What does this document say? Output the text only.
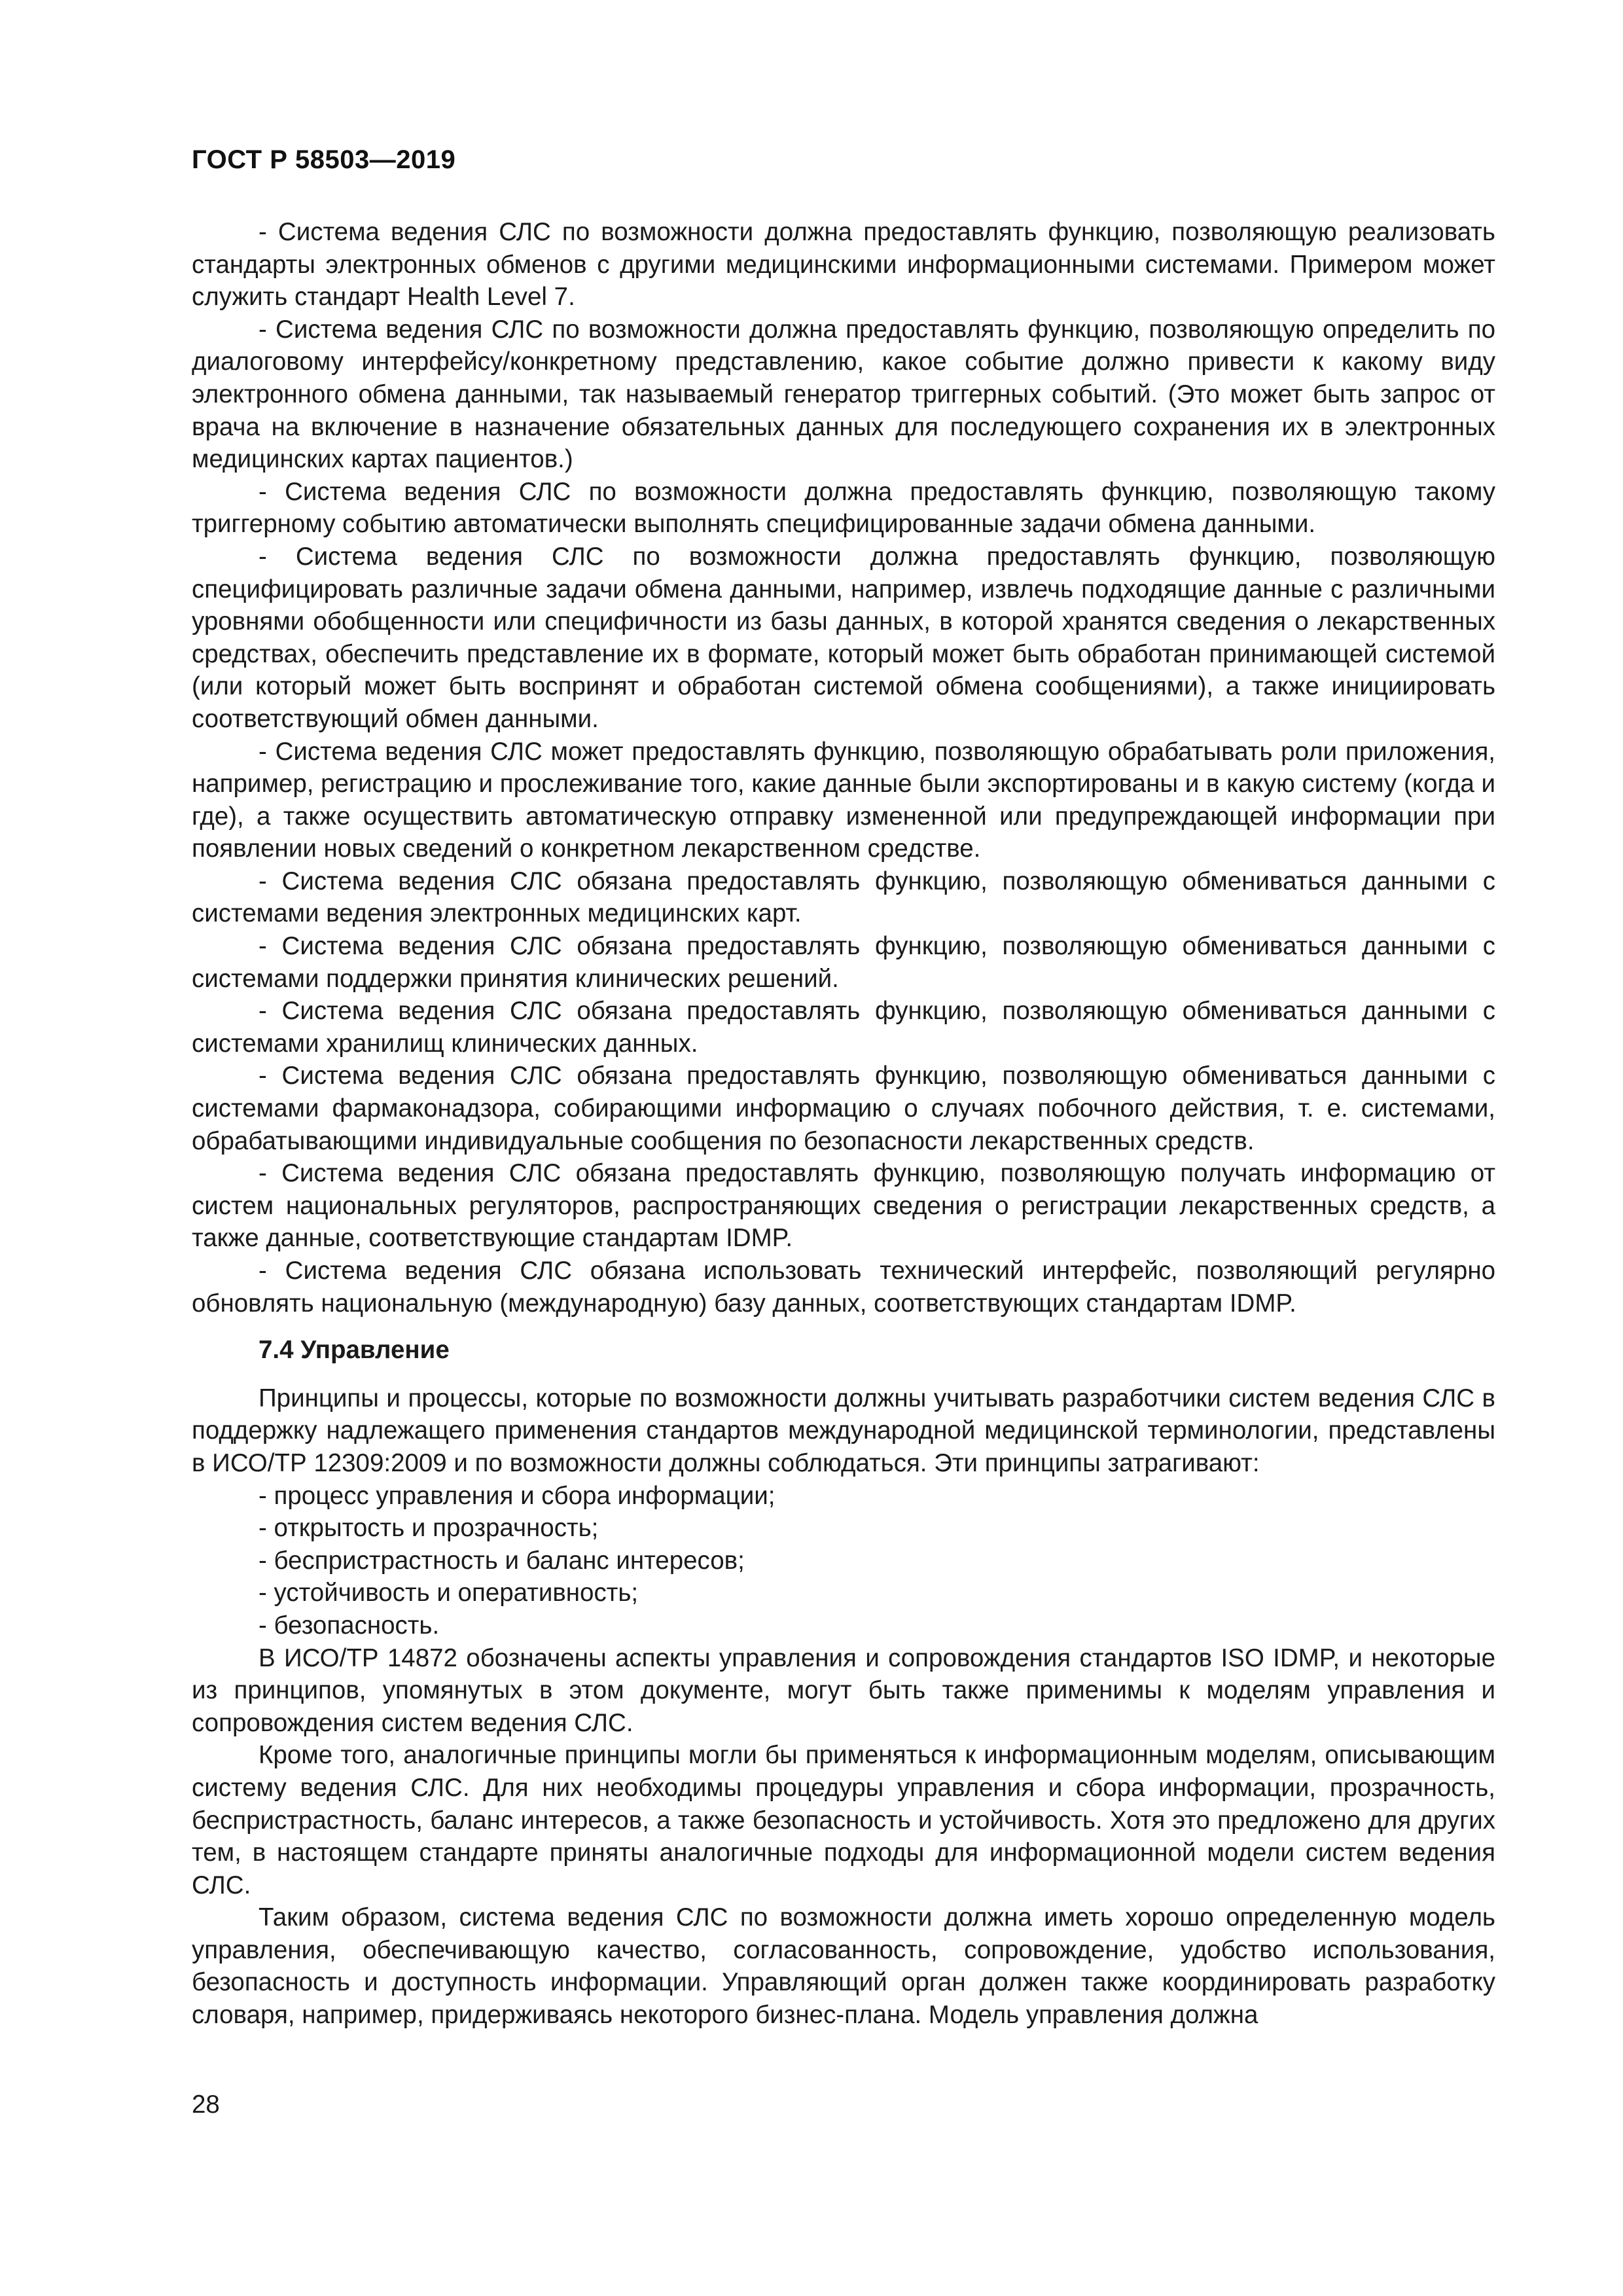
ГОСТ Р 58503—2019

- Система ведения СЛС по возможности должна предоставлять функцию, позволяющую реализовать стандарты электронных обменов с другими медицинскими информационными системами. Примером может служить стандарт Health Level 7.

- Система ведения СЛС по возможности должна предоставлять функцию, позволяющую определить по диалоговому интерфейсу/конкретному представлению, какое событие должно привести к какому виду электронного обмена данными, так называемый генератор триггерных событий. (Это может быть запрос от врача на включение в назначение обязательных данных для последующего сохранения их в электронных медицинских картах пациентов.)

- Система ведения СЛС по возможности должна предоставлять функцию, позволяющую такому триггерному событию автоматически выполнять специфицированные задачи обмена данными.

- Система ведения СЛС по возможности должна предоставлять функцию, позволяющую специфицировать различные задачи обмена данными, например, извлечь подходящие данные с различными уровнями обобщенности или специфичности из базы данных, в которой хранятся сведения о лекарственных средствах, обеспечить представление их в формате, который может быть обработан принимающей системой (или который может быть воспринят и обработан системой обмена сообщениями), а также инициировать соответствующий обмен данными.

- Система ведения СЛС может предоставлять функцию, позволяющую обрабатывать роли приложения, например, регистрацию и прослеживание того, какие данные были экспортированы и в какую систему (когда и где), а также осуществить автоматическую отправку измененной или предупреждающей информации при появлении новых сведений о конкретном лекарственном средстве.

- Система ведения СЛС обязана предоставлять функцию, позволяющую обмениваться данными с системами ведения электронных медицинских карт.

- Система ведения СЛС обязана предоставлять функцию, позволяющую обмениваться данными с системами поддержки принятия клинических решений.

- Система ведения СЛС обязана предоставлять функцию, позволяющую обмениваться данными с системами хранилищ клинических данных.

- Система ведения СЛС обязана предоставлять функцию, позволяющую обмениваться данными с системами фармаконадзора, собирающими информацию о случаях побочного действия, т. е. системами, обрабатывающими индивидуальные сообщения по безопасности лекарственных средств.

- Система ведения СЛС обязана предоставлять функцию, позволяющую получать информацию от систем национальных регуляторов, распространяющих сведения о регистрации лекарственных средств, а также данные, соответствующие стандартам IDMP.

- Система ведения СЛС обязана использовать технический интерфейс, позволяющий регулярно обновлять национальную (международную) базу данных, соответствующих стандартам IDMP.

7.4 Управление

Принципы и процессы, которые по возможности должны учитывать разработчики систем ведения СЛС в поддержку надлежащего применения стандартов международной медицинской терминологии, представлены в ИСО/ТР 12309:2009 и по возможности должны соблюдаться. Эти принципы затрагивают:

- процесс управления и сбора информации;
- открытость и прозрачность;
- беспристрастность и баланс интересов;
- устойчивость и оперативность;
- безопасность.

В ИСО/ТР 14872 обозначены аспекты управления и сопровождения стандартов ISO IDMP, и некоторые из принципов, упомянутых в этом документе, могут быть также применимы к моделям управления и сопровождения систем ведения СЛС.

Кроме того, аналогичные принципы могли бы применяться к информационным моделям, описывающим систему ведения СЛС. Для них необходимы процедуры управления и сбора информации, прозрачность, беспристрастность, баланс интересов, а также безопасность и устойчивость. Хотя это предложено для других тем, в настоящем стандарте приняты аналогичные подходы для информационной модели систем ведения СЛС.

Таким образом, система ведения СЛС по возможности должна иметь хорошо определенную модель управления, обеспечивающую качество, согласованность, сопровождение, удобство использования, безопасность и доступность информации. Управляющий орган должен также координировать разработку словаря, например, придерживаясь некоторого бизнес-плана. Модель управления должна

28
